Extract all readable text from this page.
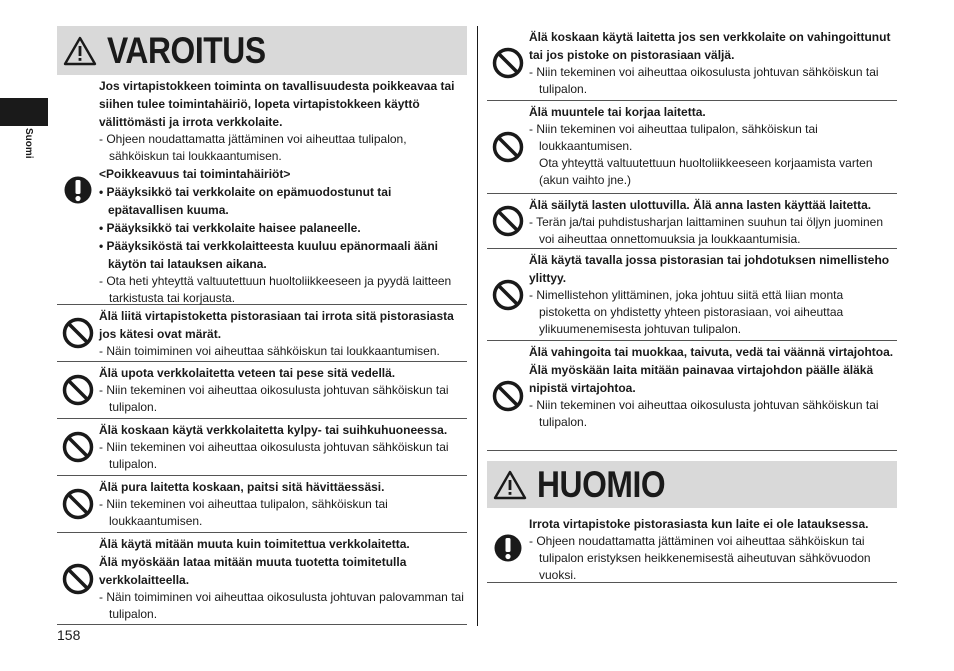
Suomi
VAROITUS
Jos virtapistokkeen toiminta on tavallisuudesta poikkeavaa tai siihen tulee toimintahäiriö, lopeta virtapistokkeen käyttö välittömästi ja irrota verkkolaite.
- Ohjeen noudattamatta jättäminen voi aiheuttaa tulipalon, sähköiskun tai loukkaantumisen.
<Poikkeavuus tai toimintahäiriöt>
• Pääyksikkö tai verkkolaite on epämuodostunut tai epätavallisen kuuma.
• Pääyksikkö tai verkkolaite haisee palaneelle.
• Pääyksiköstä tai verkkolaitteesta kuuluu epänormaali ääni käytön tai latauksen aikana.
- Ota heti yhteyttä valtuutettuun huoltoliikkeeseen ja pyydä laitteen tarkistusta tai korjausta.
Älä liitä virtapistoketta pistorasiaan tai irrota sitä pistorasiasta jos kätesi ovat märät.
- Näin toimiminen voi aiheuttaa sähköiskun tai loukkaantumisen.
Älä upota verkkolaitetta veteen tai pese sitä vedellä.
- Niin tekeminen voi aiheuttaa oikosulusta johtuvan sähköiskun tai tulipalon.
Älä koskaan käytä verkkolaitetta kylpy- tai suihkuhuoneessa.
- Niin tekeminen voi aiheuttaa oikosulusta johtuvan sähköiskun tai tulipalon.
Älä pura laitetta koskaan, paitsi sitä hävittäessäsi.
- Niin tekeminen voi aiheuttaa tulipalon, sähköiskun tai loukkaantumisen.
Älä käytä mitään muuta kuin toimitettua verkkolaitetta.
Älä myöskään lataa mitään muuta tuotetta toimitetulla verkkolaitteella.
- Näin toimiminen voi aiheuttaa oikosulusta johtuvan palovamman tai tulipalon.
Älä koskaan käytä laitetta jos sen verkkolaite on vahingoittunut tai jos pistoke on pistorasiaan väljä.
- Niin tekeminen voi aiheuttaa oikosulusta johtuvan sähköiskun tai tulipalon.
Älä muuntele tai korjaa laitetta.
- Niin tekeminen voi aiheuttaa tulipalon, sähköiskun tai loukkaantumisen.
Ota yhteyttä valtuutettuun huoltoliikkeeseen korjaamista varten (akun vaihto jne.)
Älä säilytä lasten ulottuvilla. Älä anna lasten käyttää laitetta.
- Terän ja/tai puhdistusharjan laittaminen suuhun tai öljyn juominen voi aiheuttaa onnettomuuksia ja loukkaantumisia.
Älä käytä tavalla jossa pistorasian tai johdotuksen nimellisteho ylittyy.
- Nimellistehon ylittäminen, joka johtuu siitä että liian monta pistoketta on yhdistetty yhteen pistorasiaan, voi aiheuttaa ylikuumenemisesta johtuvan tulipalon.
Älä vahingoita tai muokkaa, taivuta, vedä tai väännä virtajohtoa.
Älä myöskään laita mitään painavaa virtajohdon päälle äläkä nipistä virtajohtoa.
- Niin tekeminen voi aiheuttaa oikosulusta johtuvan sähköiskun tai tulipalon.
HUOMIO
Irrota virtapistoke pistorasiasta kun laite ei ole latauksessa.
- Ohjeen noudattamatta jättäminen voi aiheuttaa sähköiskun tai tulipalon eristyksen heikkenemisestä aiheutuvan sähkövuodon vuoksi.
158
